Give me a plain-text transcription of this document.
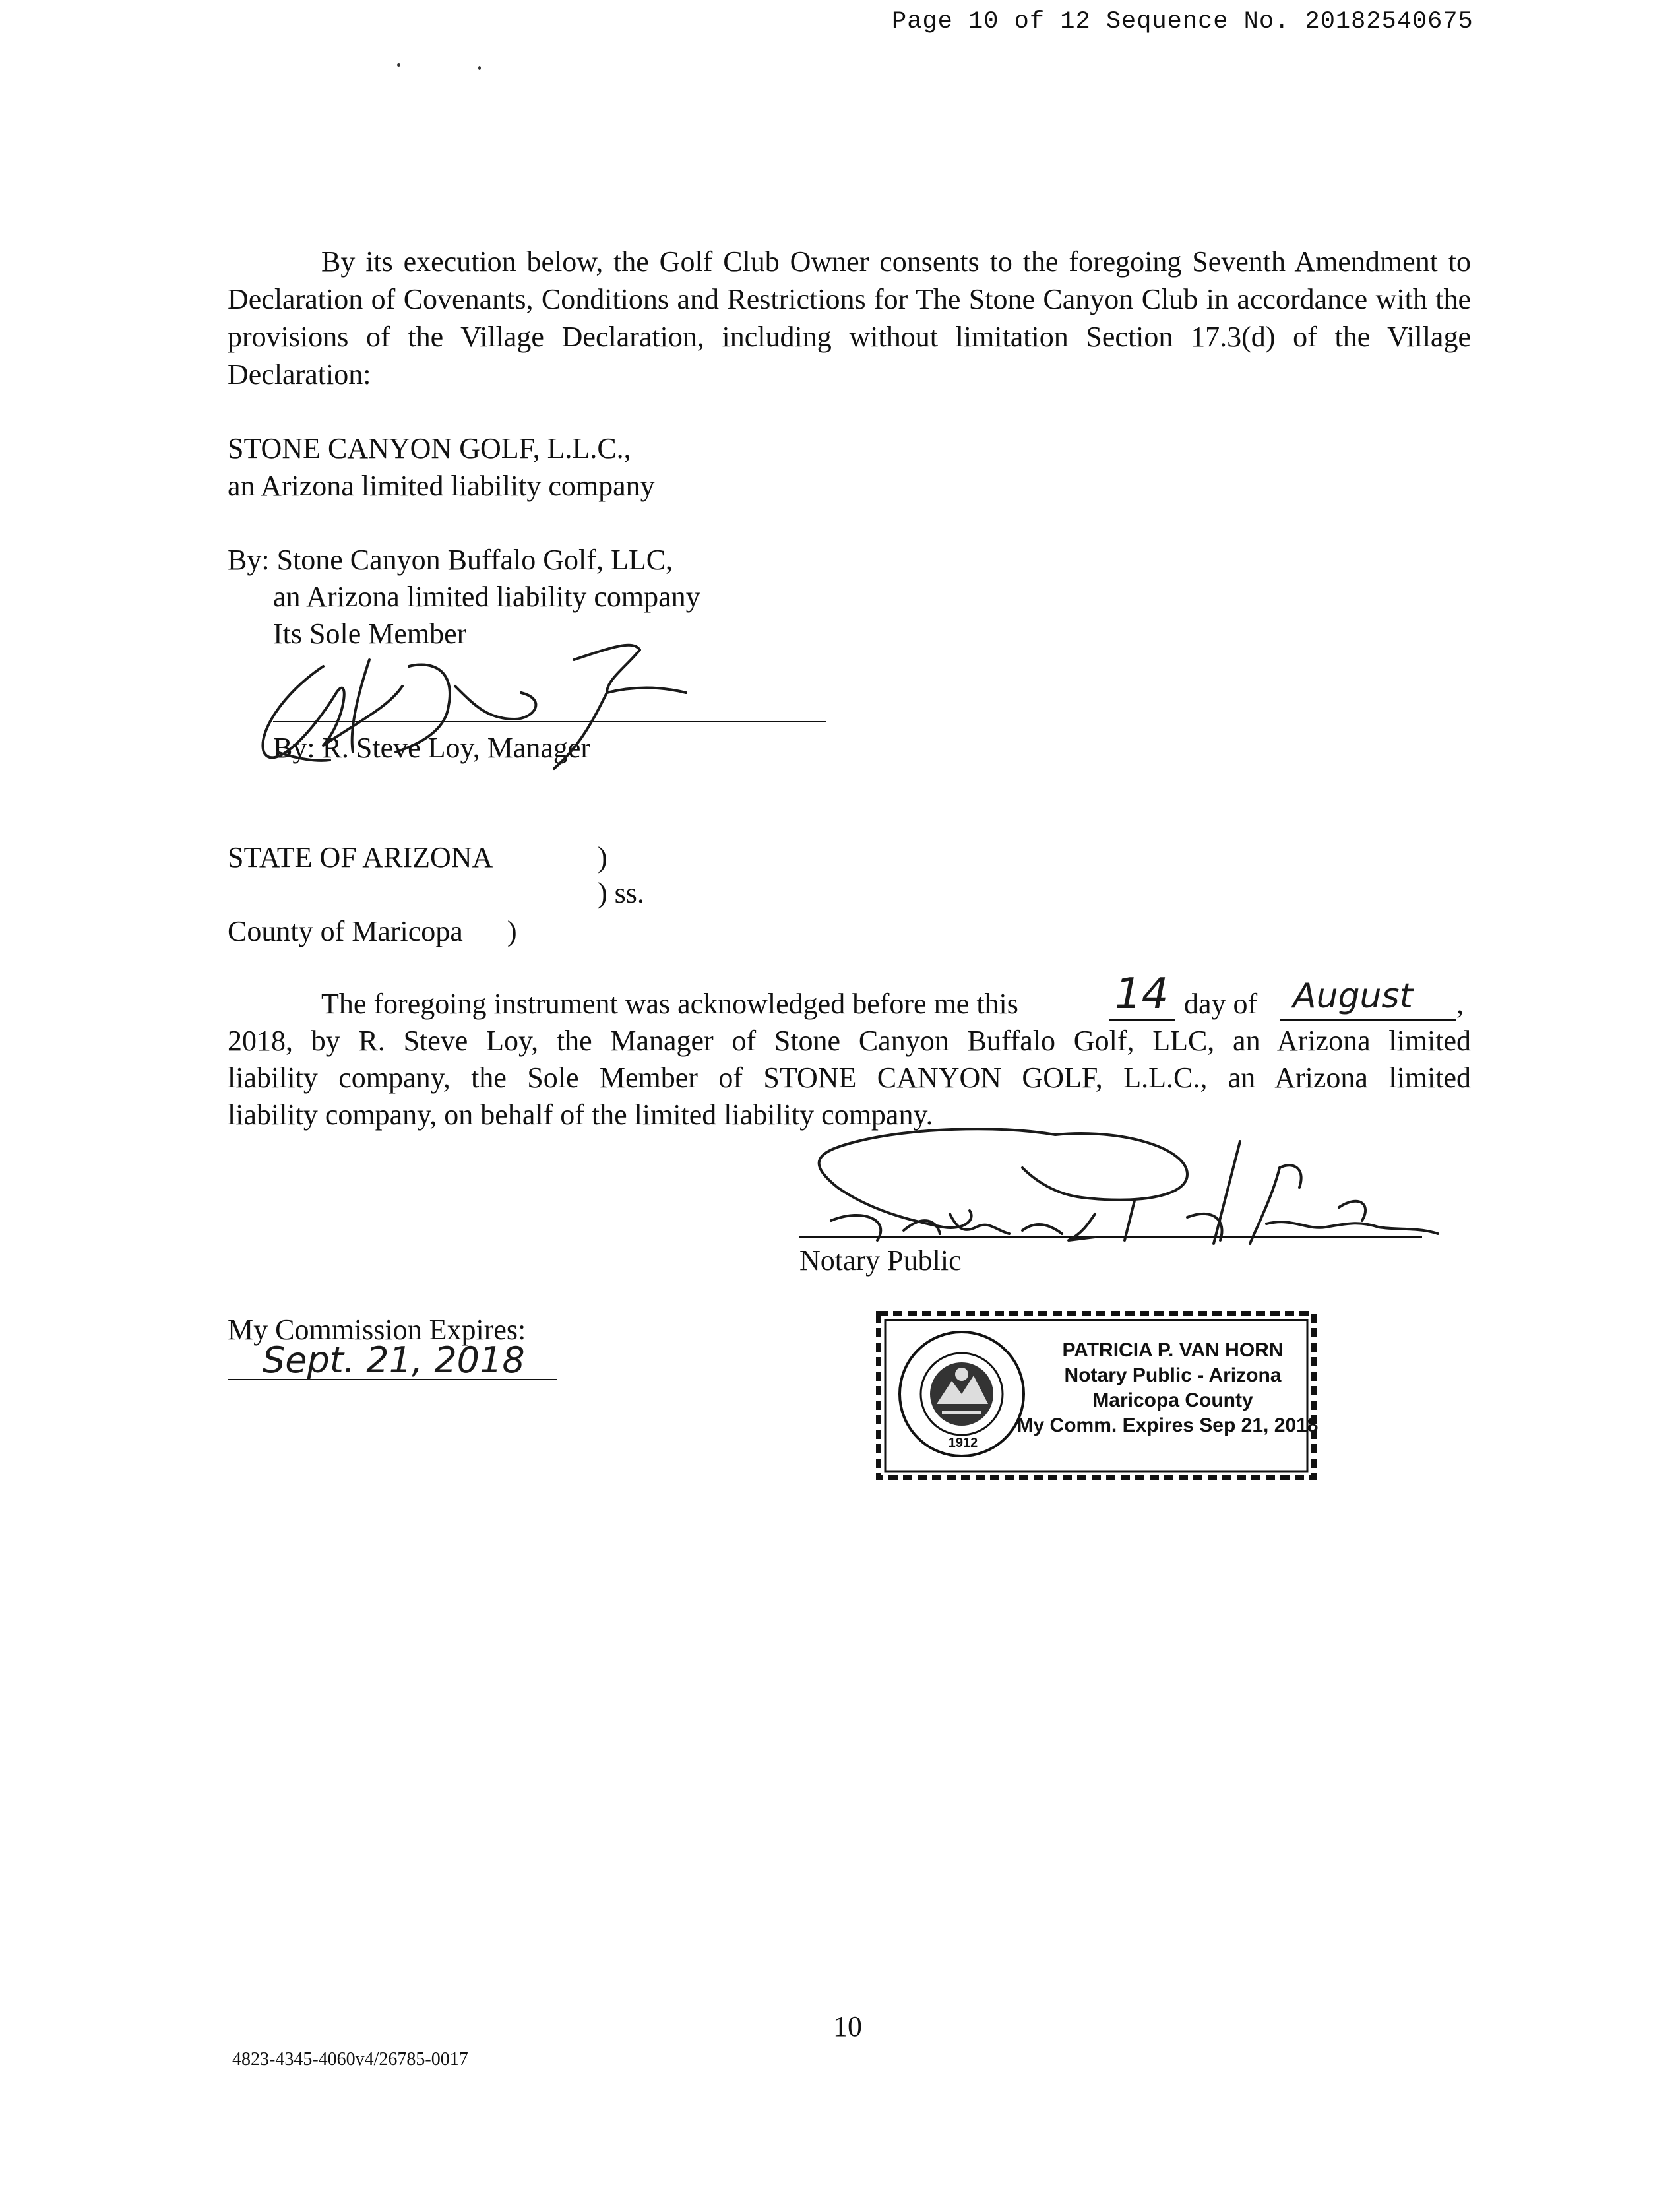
Page 10 of 12 Sequence No. 20182540675

By its execution below, the Golf Club Owner consents to the foregoing Seventh Amendment to Declaration of Covenants, Conditions and Restrictions for The Stone Canyon Club in accordance with the provisions of the Village Declaration, including without limitation Section 17.3(d) of the Village Declaration:

STONE CANYON GOLF, L.L.C.,
an Arizona limited liability company
By: Stone Canyon Buffalo Golf, LLC,
an Arizona limited liability company
Its Sole Member
By: R. Steve Loy, Manager
STATE OF ARIZONA	)
) ss.
County of Maricopa )
The foregoing instrument was acknowledged before me this 14 day of August ,
2018, by R. Steve Loy, the Manager of Stone Canyon Buffalo Golf, LLC, an Arizona limited
liability company, the Sole Member of STONE CANYON GOLF, L.L.C., an Arizona limited
liability company, on behalf of the limited liability company.
Notary Public
My Commission Expires:
Sept. 21, 2018
1912
PATRICIA P. VAN HORN
Notary Public - Arizona
Maricopa County
My Comm. Expires Sep 21, 2018
10
4823-4345-4060v4/26785-0017
